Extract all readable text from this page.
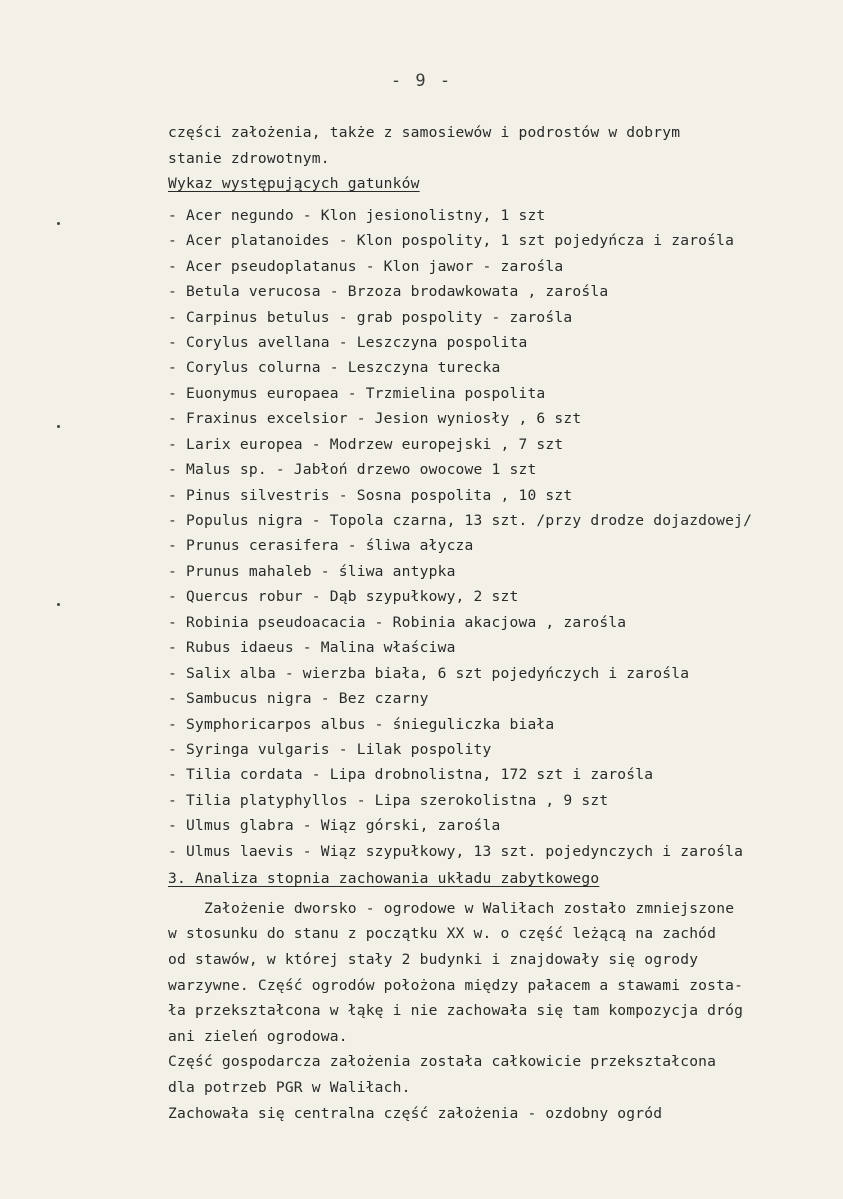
- 9 -
części założenia, także z samosiewów i podrostów w dobrym
stanie zdrowotnym.
Wykaz występujących gatunków
- Acer negundo - Klon jesionolistny, 1 szt
- Acer platanoides - Klon pospolity, 1 szt pojedyńcza i zarośla
- Acer pseudoplatanus - Klon jawor - zarośla
- Betula verucosa - Brzoza brodawkowata , zarośla
- Carpinus betulus - grab pospolity - zarośla
- Corylus avellana - Leszczyna pospolita
- Corylus colurna - Leszczyna turecka
- Euonymus europaea - Trzmielina pospolita
- Fraxinus excelsior - Jesion wyniosły , 6 szt
- Larix europea - Modrzew europejski , 7 szt
- Malus sp. - Jabłoń drzewo owocowe 1 szt
- Pinus silvestris - Sosna pospolita , 10 szt
- Populus nigra - Topola czarna, 13 szt. /przy drodze dojazdowej/
- Prunus cerasifera - śliwa ałycza
- Prunus mahaleb - śliwa antypka
- Quercus robur - Dąb szypułkowy, 2 szt
- Robinia pseudoacacia - Robinia akacjowa , zarośla
- Rubus idaeus - Malina właściwa
- Salix alba - wierzba biała, 6 szt pojedyńczych i zarośla
- Sambucus nigra - Bez czarny
- Symphoricarpos albus - śnieguliczka biała
- Syringa vulgaris - Lilak pospolity
- Tilia cordata - Lipa drobnolistna, 172 szt i zarośla
- Tilia platyphyllos - Lipa szerokolistna , 9 szt
- Ulmus glabra - Wiąz górski, zarośla
- Ulmus laevis - Wiąz szypułkowy, 13 szt. pojedynczych i zarośla
3. Analiza stopnia zachowania układu zabytkowego
Założenie dworsko - ogrodowe w Waliłach zostało zmniejszone
w stosunku do stanu z początku XX w. o część leżącą na zachód
od stawów, w której stały 2 budynki i znajdowały się ogrody
warzywne. Część ogrodów położona między pałacem a stawami zosta-
ła przekształcona w łąkę i nie zachowała się tam kompozycja dróg
ani zieleń ogrodowa.
Część gospodarcza założenia została całkowicie przekształcona
dla potrzeb PGR w Waliłach.
Zachowała się centralna część założenia - ozdobny ogród
